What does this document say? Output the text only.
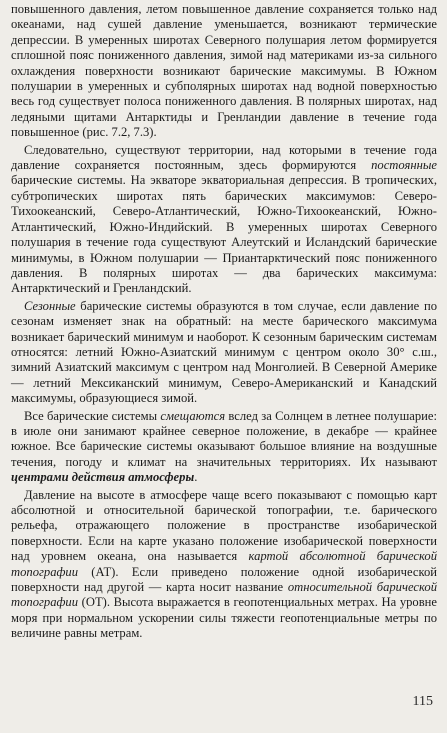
повышенного давления, летом повышенное давление сохраняется только над океанами, над сушей давление уменьшается, возникают термические депрессии. В умеренных широтах Северного полушария летом формируется сплошной пояс пониженного давления, зимой над материками из-за сильного охлаждения поверхности возникают барические максимумы. В Южном полушарии в умеренных и субполярных широтах над водной поверхностью весь год существует полоса пониженного давления. В полярных широтах, над ледяными щитами Антарктиды и Гренландии давление в течение года повышенное (рис. 7.2, 7.3).

Следовательно, существуют территории, над которыми в течение года давление сохраняется постоянным, здесь формируются постоянные барические системы. На экваторе экваториальная депрессия. В тропических, субтропических широтах пять барических максимумов: Северо-Тихоокеанский, Северо-Атлантический, Южно-Тихоокеанский, Южно-Атлантический, Южно-Индийский. В умеренных широтах Северного полушария в течение года существуют Алеутский и Исландский барические минимумы, в Южном полушарии — Приантарктический пояс пониженного давления. В полярных широтах — два барических максимума: Антарктический и Гренландский.

Сезонные барические системы образуются в том случае, если давление по сезонам изменяет знак на обратный: на месте барического максимума возникает барический минимум и наоборот. К сезонным барическим системам относятся: летний Южно-Азиатский минимум с центром около 30° с.ш., зимний Азиатский максимум с центром над Монголией. В Северной Америке — летний Мексиканский минимум, Северо-Американский и Канадский максимумы, образующиеся зимой.

Все барические системы смещаются вслед за Солнцем в летнее полушарие: в июле они занимают крайнее северное положение, в декабре — крайнее южное. Все барические системы оказывают большое влияние на воздушные течения, погоду и климат на значительных территориях. Их называют центрами действия атмосферы.

Давление на высоте в атмосфере чаще всего показывают с помощью карт абсолютной и относительной барической топографии, т.е. барического рельефа, отражающего положение в пространстве изобарической поверхности. Если на карте указано положение изобарической поверхности над уровнем океана, она называется картой абсолютной барической топографии (АТ). Если приведено положение одной изобарической поверхности над другой — карта носит название относительной барической топографии (ОТ). Высота выражается в геопотенциальных метрах. На уровне моря при нормальном ускорении силы тяжести геопотенциальные метры по величине равны метрам.

115
